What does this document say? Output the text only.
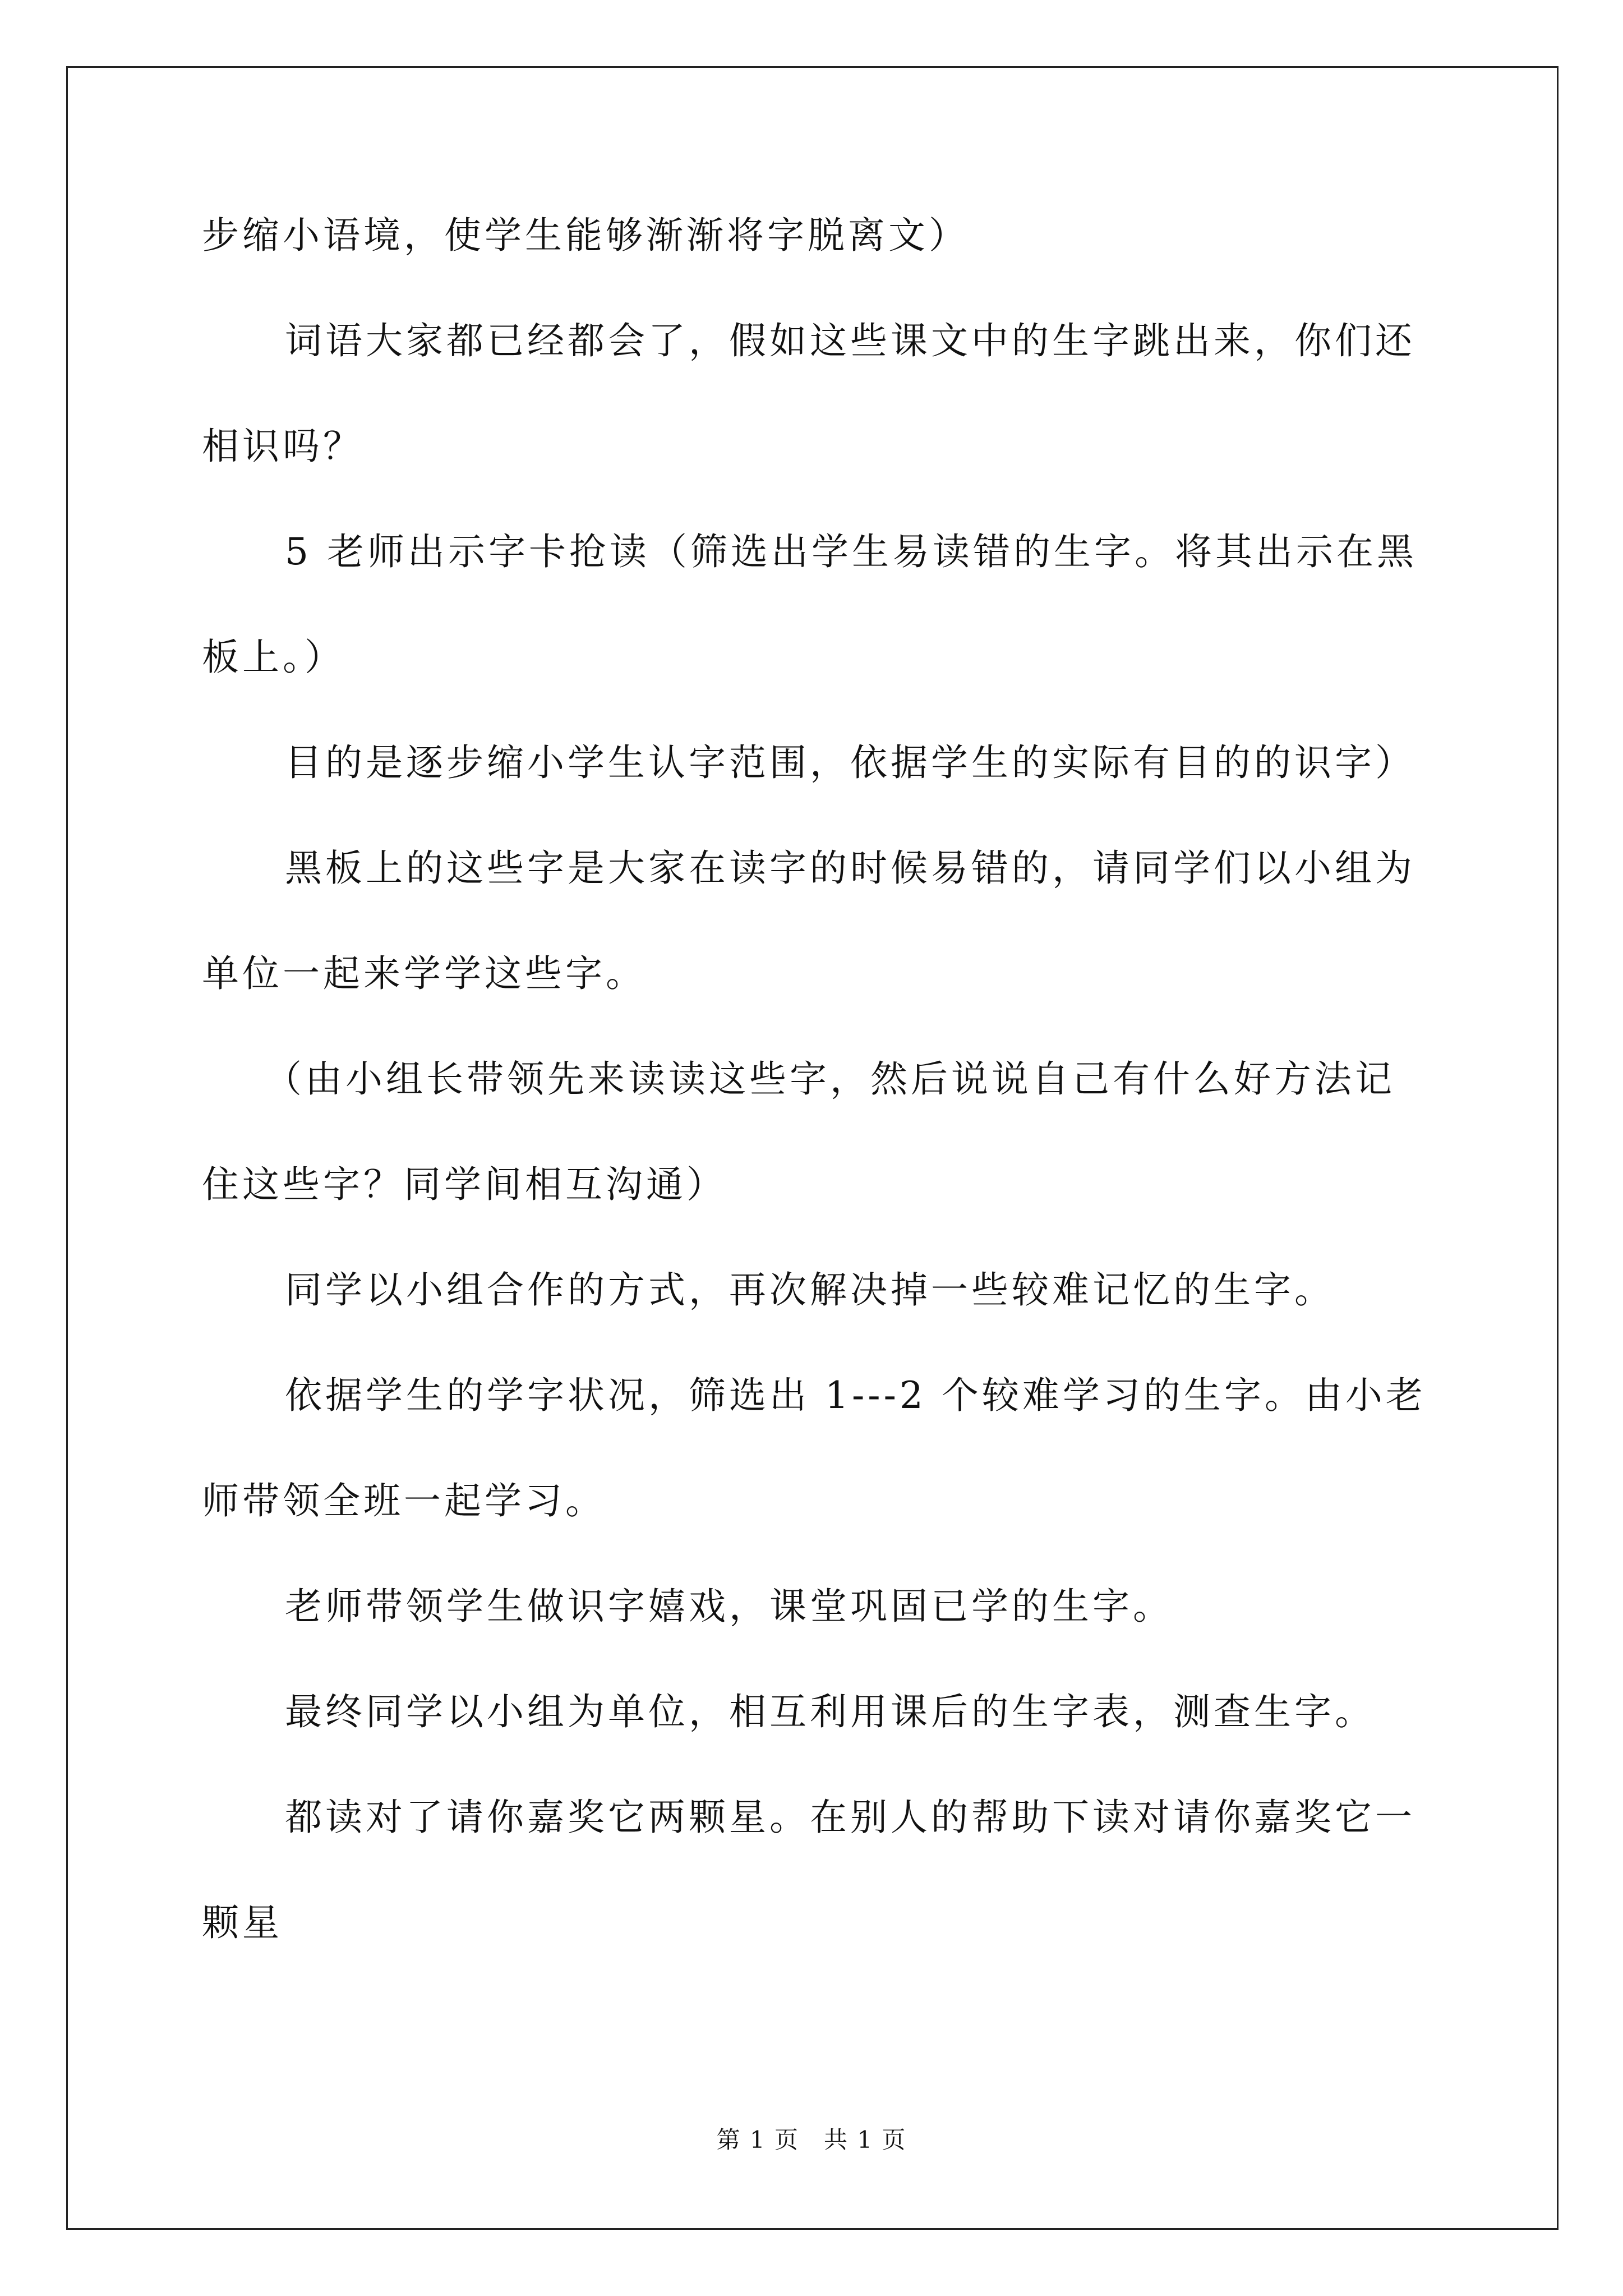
步缩小语境，使学生能够渐渐将字脱离文）
词语大家都已经都会了，假如这些课文中的生字跳出来，你们还
相识吗？
5 老师出示字卡抢读（筛选出学生易读错的生字。将其出示在黑
板上。）
目的是逐步缩小学生认字范围，依据学生的实际有目的的识字）
黑板上的这些字是大家在读字的时候易错的，请同学们以小组为
单位一起来学学这些字。
（由小组长带领先来读读这些字，然后说说自己有什么好方法记
住这些字？同学间相互沟通）
同学以小组合作的方式，再次解决掉一些较难记忆的生字。
依据学生的学字状况，筛选出 1---2 个较难学习的生字。由小老
师带领全班一起学习。
老师带领学生做识字嬉戏，课堂巩固已学的生字。
最终同学以小组为单位，相互利用课后的生字表，测查生字。
都读对了请你嘉奖它两颗星。在别人的帮助下读对请你嘉奖它一
颗星
第 1 页　共 1 页
